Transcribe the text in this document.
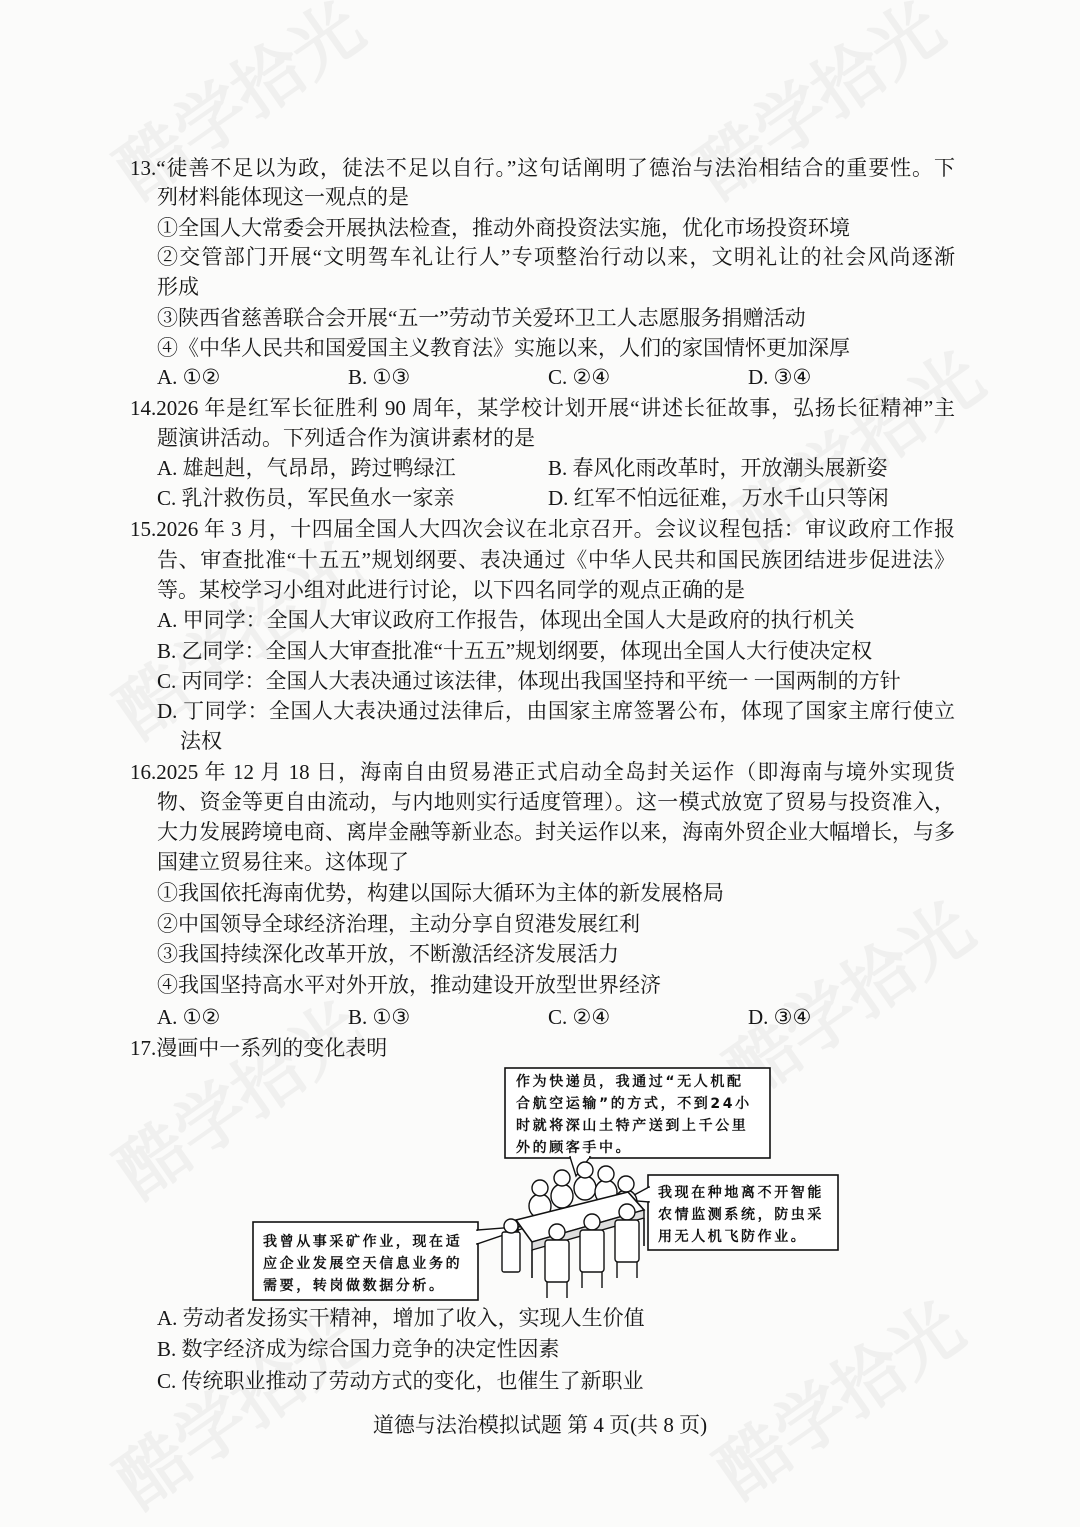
13.“徒善不足以为政，徒法不足以自行。”这句话阐明了德治与法治相结合的重要性。下
列材料能体现这一观点的是
①全国人大常委会开展执法检查，推动外商投资法实施，优化市场投资环境
②交管部门开展“文明驾车礼让行人”专项整治行动以来，文明礼让的社会风尚逐渐
形成
③陕西省慈善联合会开展“五一”劳动节关爱环卫工人志愿服务捐赠活动
④《中华人民共和国爱国主义教育法》实施以来，人们的家国情怀更加深厚
A. ①②	B. ①③	C. ②④	D. ③④
14.2026 年是红军长征胜利 90 周年，某学校计划开展“讲述长征故事，弘扬长征精神”主
题演讲活动。下列适合作为演讲素材的是
A. 雄赳赳，气昂昂，跨过鸭绿江	B. 春风化雨改革时，开放潮头展新姿
C. 乳汁救伤员，军民鱼水一家亲	D. 红军不怕远征难，万水千山只等闲
15.2026 年 3 月，十四届全国人大四次会议在北京召开。会议议程包括：审议政府工作报
告、审查批准“十五五”规划纲要、表决通过《中华人民共和国民族团结进步促进法》
等。某校学习小组对此进行讨论，以下四名同学的观点正确的是
A. 甲同学：全国人大审议政府工作报告，体现出全国人大是政府的执行机关
B. 乙同学：全国人大审查批准“十五五”规划纲要，体现出全国人大行使决定权
C. 丙同学：全国人大表决通过该法律，体现出我国坚持和平统一 一国两制的方针
D. 丁同学：全国人大表决通过法律后，由国家主席签署公布，体现了国家主席行使立
法权
16.2025 年 12 月 18 日，海南自由贸易港正式启动全岛封关运作（即海南与境外实现货
物、资金等更自由流动，与内地则实行适度管理）。这一模式放宽了贸易与投资准入，
大力发展跨境电商、离岸金融等新业态。封关运作以来，海南外贸企业大幅增长，与多
国建立贸易往来。这体现了
①我国依托海南优势，构建以国际大循环为主体的新发展格局
②中国领导全球经济治理，主动分享自贸港发展红利
③我国持续深化改革开放，不断激活经济发展活力
④我国坚持高水平对外开放，推动建设开放型世界经济
A. ①②	B. ①③	C. ②④	D. ③④
17.漫画中一系列的变化表明
作为快递员，我通过“无人机配
合航空运输”的方式，不到24小
时就将深山土特产送到上千公里
外的顾客手中。
我现在种地离不开智能
农情监测系统，防虫采
用无人机飞防作业。
我曾从事采矿作业，现在适
应企业发展空天信息业务的
需要，转岗做数据分析。
A. 劳动者发扬实干精神，增加了收入，实现人生价值
B. 数字经济成为综合国力竞争的决定性因素
C. 传统职业推动了劳动方式的变化，也催生了新职业
道德与法治模拟试题 第 4 页(共 8 页)
